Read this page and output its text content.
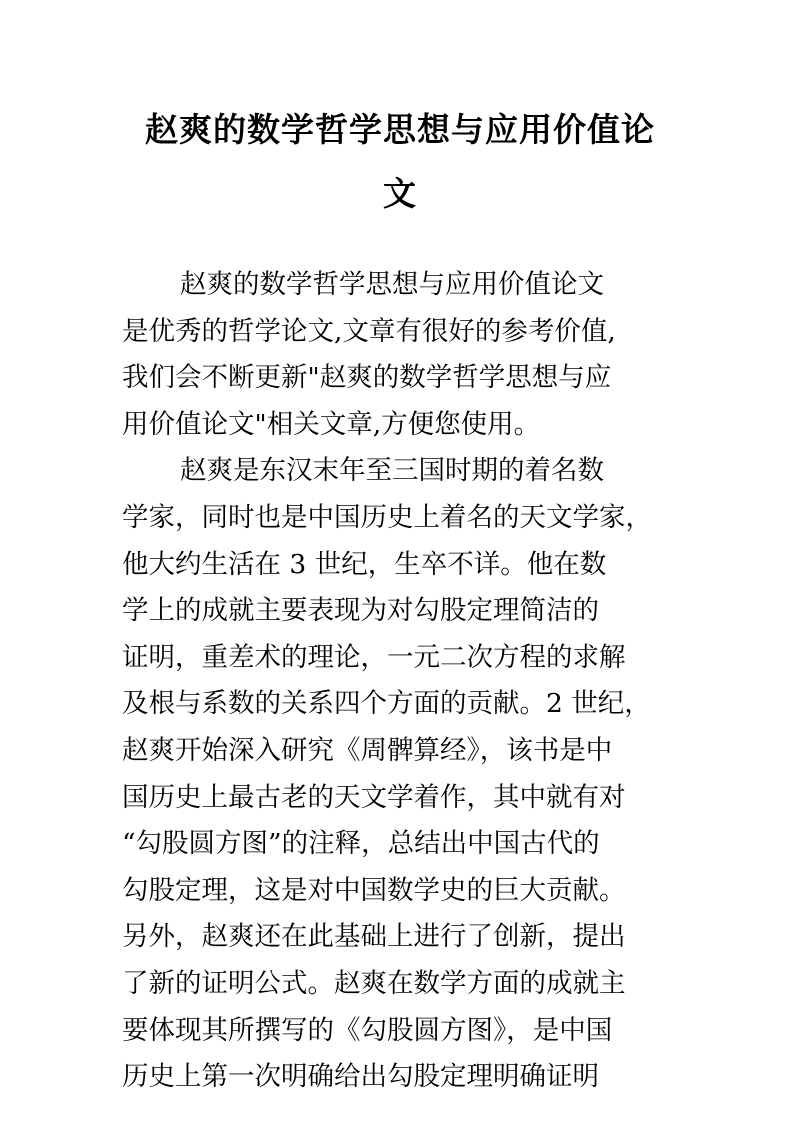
赵爽的数学哲学思想与应用价值论
文
赵爽的数学哲学思想与应用价值论文
是优秀的哲学论文,文章有很好的参考价值,
我们会不断更新"赵爽的数学哲学思想与应
用价值论文"相关文章,方便您使用。
赵爽是东汉末年至三国时期的着名数
学家，同时也是中国历史上着名的天文学家，
他大约生活在 3 世纪，生卒不详。他在数
学上的成就主要表现为对勾股定理简洁的
证明，重差术的理论，一元二次方程的求解
及根与系数的关系四个方面的贡献。2 世纪，
赵爽开始深入研究《周髀算经》，该书是中
国历史上最古老的天文学着作，其中就有对
“勾股圆方图”的注释，总结出中国古代的
勾股定理，这是对中国数学史的巨大贡献。
另外，赵爽还在此基础上进行了创新，提出
了新的证明公式。赵爽在数学方面的成就主
要体现其所撰写的《勾股圆方图》，是中国
历史上第一次明确给出勾股定理明确证明
